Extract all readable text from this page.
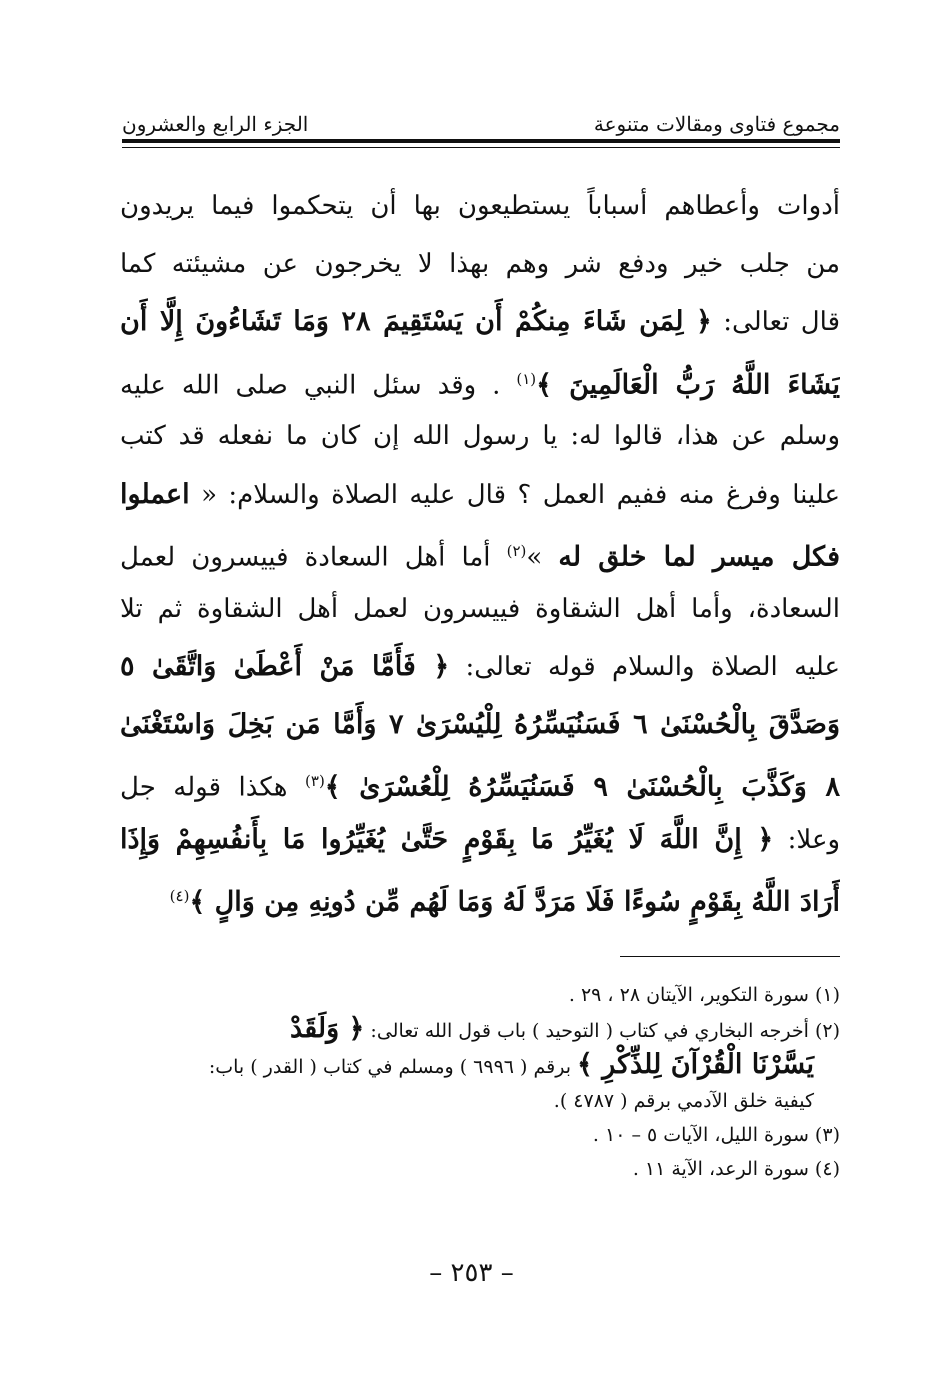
مجموع فتاوى ومقالات متنوعة
الجزء الرابع والعشرون
أدوات وأعطاهم أسباباً يستطيعون بها أن يتحكموا فيما يريدون
من جلب خير ودفع شر وهم بهذا لا يخرجون عن مشيئته كما
قال تعالى: ﴿ لِمَن شَاءَ مِنكُمْ أَن يَسْتَقِيمَ ٢٨ وَمَا تَشَاءُونَ إِلَّا أَن
يَشَاءَ اللَّهُ رَبُّ الْعَالَمِينَ ﴾$^{(١)}$ . وقد سئل النبي صلى الله عليه
وسلم عن هذا، قالوا له: يا رسول الله إن كان ما نفعله قد كتب
علينا وفرغ منه ففيم العمل ؟ قال عليه الصلاة والسلام: « اعملوا
فكل ميسر لما خلق له »$^{(٢)}$ أما أهل السعادة فييسرون لعمل
السعادة، وأما أهل الشقاوة فييسرون لعمل أهل الشقاوة ثم تلا
عليه الصلاة والسلام قوله تعالى: ﴿ فَأَمَّا مَنْ أَعْطَىٰ وَاتَّقَىٰ ٥
وَصَدَّقَ بِالْحُسْنَىٰ ٦ فَسَنُيَسِّرُهُ لِلْيُسْرَىٰ ٧ وَأَمَّا مَن بَخِلَ وَاسْتَغْنَىٰ
٨ وَكَذَّبَ بِالْحُسْنَىٰ ٩ فَسَنُيَسِّرُهُ لِلْعُسْرَىٰ ﴾$^{(٣)}$ هكذا قوله جل
وعلا: ﴿ إِنَّ اللَّهَ لَا يُغَيِّرُ مَا بِقَوْمٍ حَتَّىٰ يُغَيِّرُوا مَا بِأَنفُسِهِمْ وَإِذَا
أَرَادَ اللَّهُ بِقَوْمٍ سُوءًا فَلَا مَرَدَّ لَهُ وَمَا لَهُم مِّن دُونِهِ مِن وَالٍ ﴾$^{(٤)}$
(١) سورة التكوير، الآيتان ٢٨ ، ٢٩ .
(٢) أخرجه البخاري في كتاب ( التوحيد ) باب قول الله تعالى: ﴿ وَلَقَدْ
يَسَّرْنَا الْقُرْآنَ لِلذِّكْرِ ﴾ برقم ( ٦٩٩٦ ) ومسلم في كتاب ( القدر ) باب:
كيفية خلق الآدمي برقم ( ٤٧٨٧ ).
(٣) سورة الليل، الآيات ٥ – ١٠ .
(٤) سورة الرعد، الآية ١١ .
– ٢٥٣ –
